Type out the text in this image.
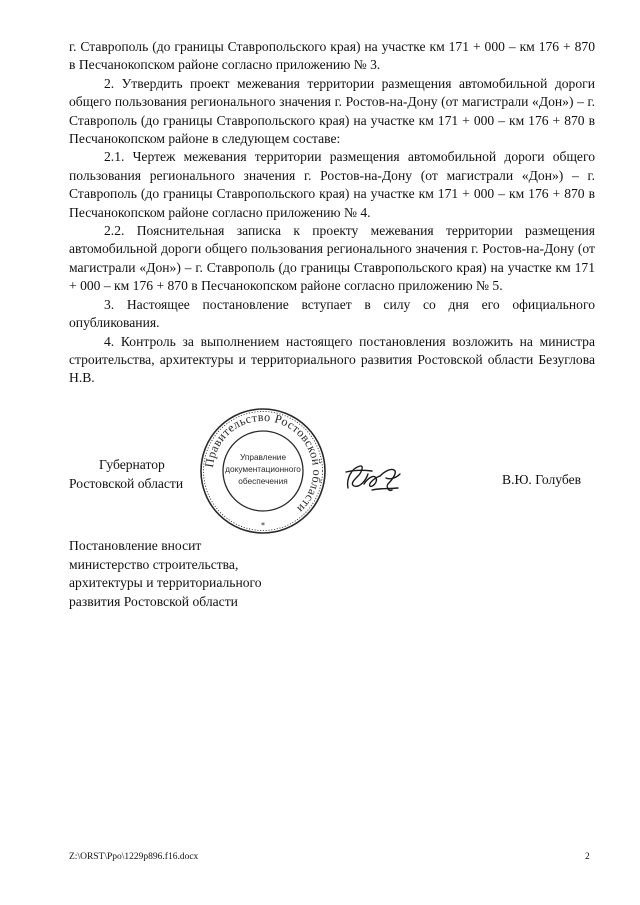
г. Ставрополь (до границы Ставропольского края) на участке км 171 + 000 – км 176 + 870 в Песчанокопском районе согласно приложению № 3.

2. Утвердить проект межевания территории размещения автомобильной дороги общего пользования регионального значения г. Ростов-на-Дону (от магистрали «Дон») – г. Ставрополь (до границы Ставропольского края) на участке км 171 + 000 – км 176 + 870 в Песчанокопском районе в следующем составе:

2.1. Чертеж межевания территории размещения автомобильной дороги общего пользования регионального значения г. Ростов-на-Дону (от магистрали «Дон») – г. Ставрополь (до границы Ставропольского края) на участке км 171 + 000 – км 176 + 870 в Песчанокопском районе согласно приложению № 4.

2.2. Пояснительная записка к проекту межевания территории размещения автомобильной дороги общего пользования регионального значения г. Ростов-на-Дону (от магистрали «Дон») – г. Ставрополь (до границы Ставропольского края) на участке км 171 + 000 – км 176 + 870 в Песчанокопском районе согласно приложению № 5.

3. Настоящее постановление вступает в силу со дня его официального опубликования.

4. Контроль за выполнением настоящего постановления возложить на министра строительства, архитектуры и территориального развития Ростовской области Безуглова Н.В.

Губернатор
Ростовской области
Правительство Ростовской области
*
Управление
документационного
обеспечения	В.Ю. Голубев
Постановление вносит
министерство строительства,
архитектуры и территориального
развития Ростовской области
Z:\ORST\Ppo\1229p896.f16.docx	2
